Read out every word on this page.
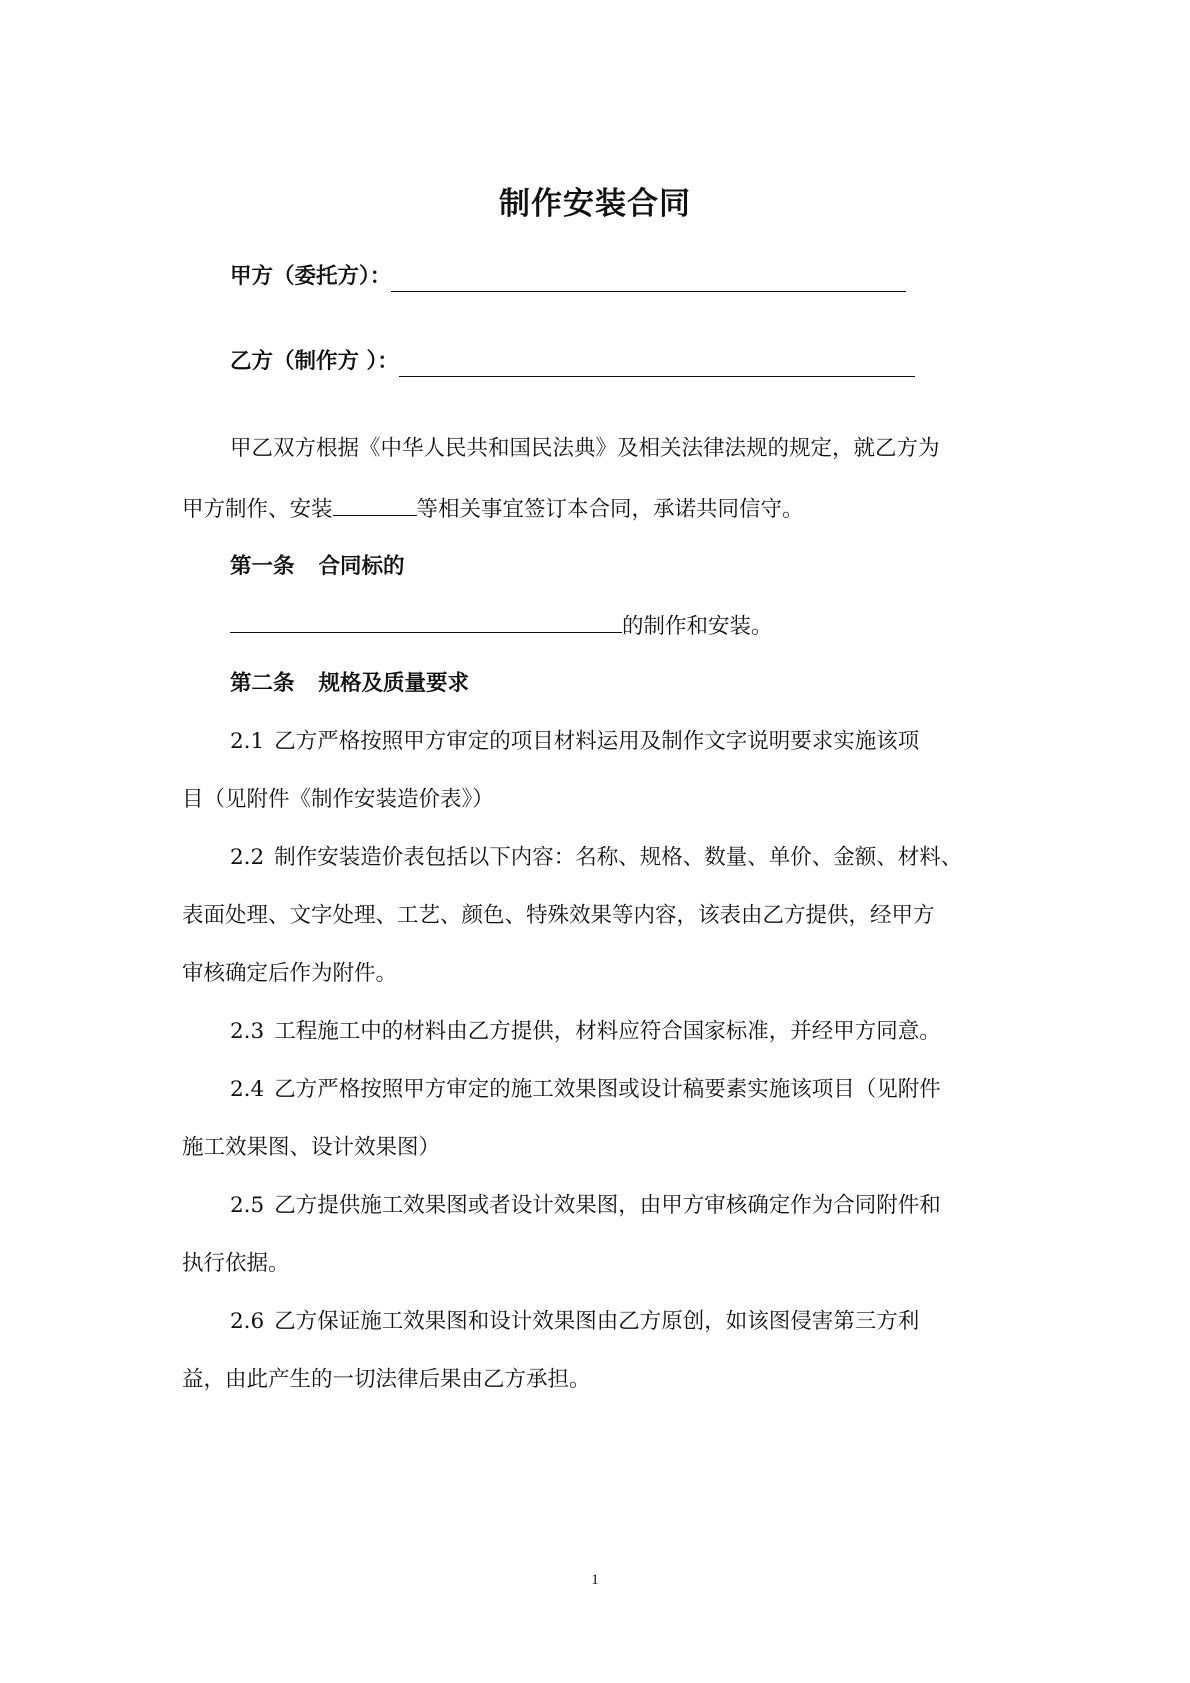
制作安装合同
甲方（委托方）：
乙方（制作方 ）：
甲乙双方根据《中华人民共和国民法典》及相关法律法规的规定，就乙方为
甲方制作、安装	等相关事宜签订本合同，承诺共同信守。
第一条 合同标的
的制作和安装。
第二条 规格及质量要求
2.1 乙方严格按照甲方审定的项目材料运用及制作文字说明要求实施该项
目（见附件《制作安装造价表》）
2.2 制作安装造价表包括以下内容：名称、规格、数量、单价、金额、材料、
表面处理、文字处理、工艺、颜色、特殊效果等内容，该表由乙方提供，经甲方
审核确定后作为附件。
2.3 工程施工中的材料由乙方提供，材料应符合国家标准，并经甲方同意。
2.4 乙方严格按照甲方审定的施工效果图或设计稿要素实施该项目（见附件
施工效果图、设计效果图）
2.5 乙方提供施工效果图或者设计效果图，由甲方审核确定作为合同附件和
执行依据。
2.6 乙方保证施工效果图和设计效果图由乙方原创，如该图侵害第三方利
益，由此产生的一切法律后果由乙方承担。
1
